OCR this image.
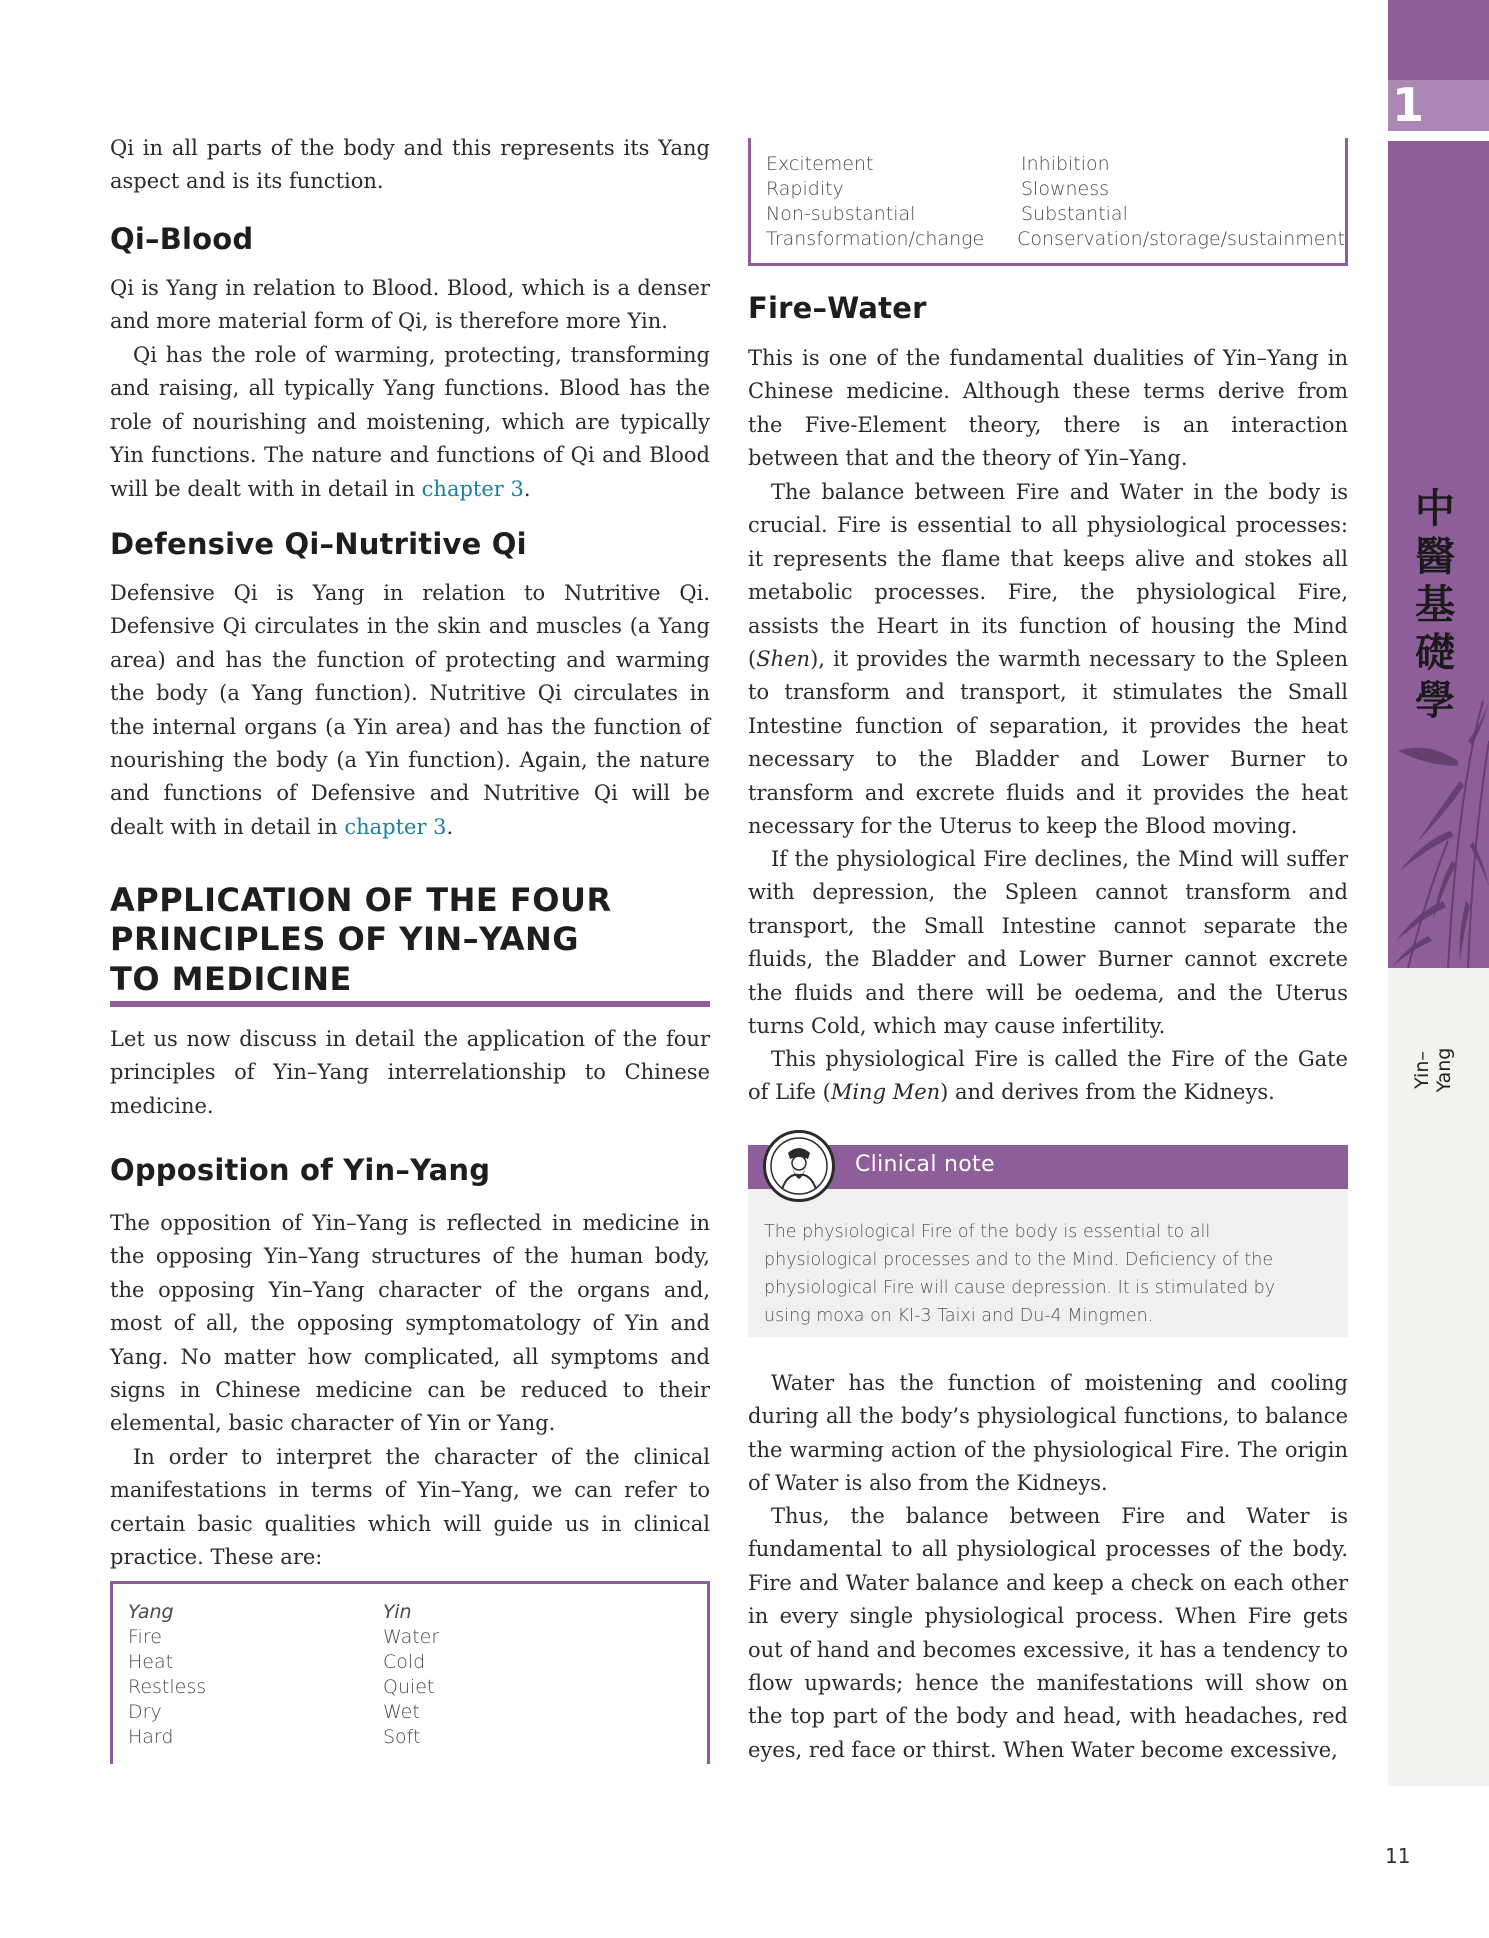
Qi in all parts of the body and this represents its Yang aspect and is its function.

Qi–Blood

Qi is Yang in relation to Blood. Blood, which is a denser and more material form of Qi, is therefore more Yin.

Qi has the role of warming, protecting, transforming and raising, all typically Yang functions. Blood has the role of nourishing and moistening, which are typically Yin functions. The nature and functions of Qi and Blood will be dealt with in detail in chapter 3.

Defensive Qi–Nutritive Qi

Defensive Qi is Yang in relation to Nutritive Qi. Defensive Qi circulates in the skin and muscles (a Yang area) and has the function of protecting and warming the body (a Yang function). Nutritive Qi circulates in the internal organs (a Yin area) and has the function of nourishing the body (a Yin function). Again, the nature and functions of Defensive and Nutritive Qi will be dealt with in detail in chapter 3.

APPLICATION OF THE FOUR
PRINCIPLES OF YIN–YANG
TO MEDICINE

Let us now discuss in detail the application of the four principles of Yin–Yang interrelationship to Chinese medicine.

Opposition of Yin–Yang

The opposition of Yin–Yang is reflected in medicine in the opposing Yin–Yang structures of the human body, the opposing Yin–Yang character of the organs and, most of all, the opposing symptomatology of Yin and Yang. No matter how complicated, all symptoms and signs in Chinese medicine can be reduced to their elemental, basic character of Yin or Yang.

In order to interpret the character of the clinical manifestations in terms of Yin–Yang, we can refer to certain basic qualities which will guide us in clinical practice. These are:

Yang	Yin
Fire	Water
Heat	Cold
Restless	Quiet
Dry	Wet
Hard	Soft
Excitement	Inhibition
Rapidity	Slowness
Non-substantial	Substantial
Transformation/change	Conservation/storage/sustainment
Fire–Water

This is one of the fundamental dualities of Yin–Yang in Chinese medicine. Although these terms derive from the Five-Element theory, there is an interaction between that and the theory of Yin–Yang.

The balance between Fire and Water in the body is crucial. Fire is essential to all physiological processes: it represents the flame that keeps alive and stokes all metabolic processes. Fire, the physiological Fire, assists the Heart in its function of housing the Mind (Shen), it provides the warmth necessary to the Spleen to transform and transport, it stimulates the Small Intestine function of separation, it provides the heat necessary to the Bladder and Lower Burner to transform and excrete fluids and it provides the heat necessary for the Uterus to keep the Blood moving.

If the physiological Fire declines, the Mind will suffer with depression, the Spleen cannot transform and transport, the Small Intestine cannot separate the fluids, the Bladder and Lower Burner cannot excrete the fluids and there will be oedema, and the Uterus turns Cold, which may cause infertility.

This physiological Fire is called the Fire of the Gate of Life (Ming Men) and derives from the Kidneys.

Water has the function of moistening and cooling during all the body’s physiological functions, to balance the warming action of the physiological Fire. The origin of Water is also from the Kidneys.

Thus, the balance between Fire and Water is fundamental to all physiological processes of the body. Fire and Water balance and keep a check on each other in every single physiological process. When Fire gets out of hand and becomes excessive, it has a tendency to flow upwards; hence the manifestations will show on the top part of the body and head, with headaches, red eyes, red face or thirst. When Water become excessive,

Clinical note
The physiological Fire of the body is essential to all physiological processes and to the Mind. Deficiency of the physiological Fire will cause depression. It is stimulated by using moxa on KI-3 Taixi and Du-4 Mingmen.
1
中
醫
基
礎
學
Yin–Yang
11
